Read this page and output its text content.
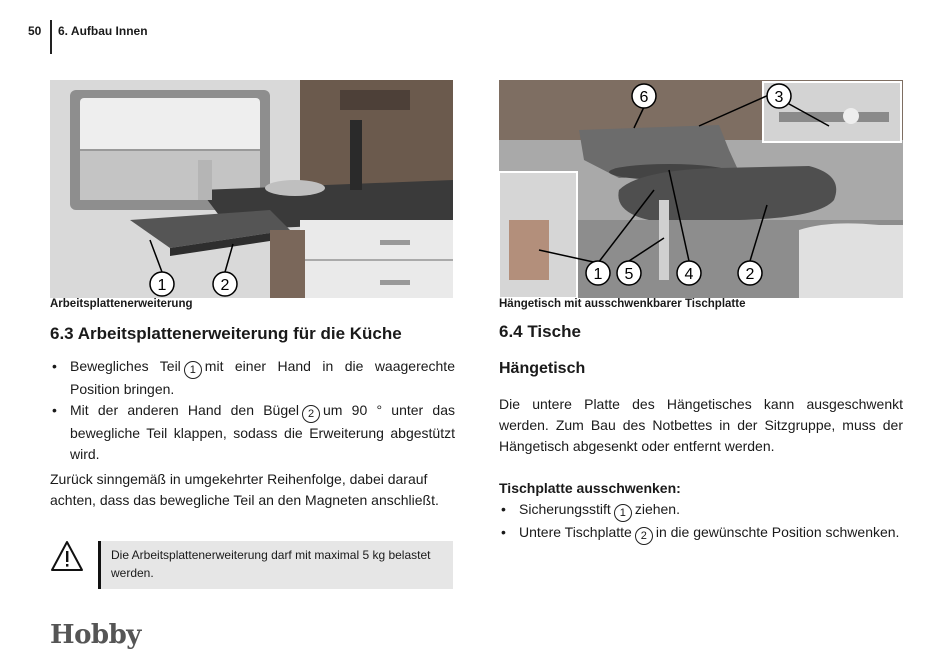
50 6. Aufbau Innen
1	2
Arbeitsplattenerweiterung
6	3
1 5	4	2
Hängetisch mit ausschwenkbarer Tischplatte
6.3 Arbeitsplattenerweiterung für die Küche
• Bewegliches Teil 1 mit einer Hand in die waagerechte Position bringen.
• Mit der anderen Hand den Bügel 2 um 90 ° unter das bewegliche Teil klappen, sodass die Erweiterung abgestützt wird.

Zurück sinngemäß in umgekehrter Reihenfolge, dabei darauf achten, dass das bewegliche Teil an den Magneten anschließt.

Die Arbeitsplattenerweiterung darf mit maximal 5 kg belastet werden.
6.4 Tische
Hängetisch

Die untere Platte des Hängetisches kann ausgeschwenkt werden. Zum Bau des Notbettes in der Sitzgruppe, muss der Hängetisch abgesenkt oder entfernt werden.

Tischplatte ausschwenken:
• Sicherungsstift 1 ziehen.
• Untere Tischplatte 2 in die gewünschte Position schwenken.
Hobby
